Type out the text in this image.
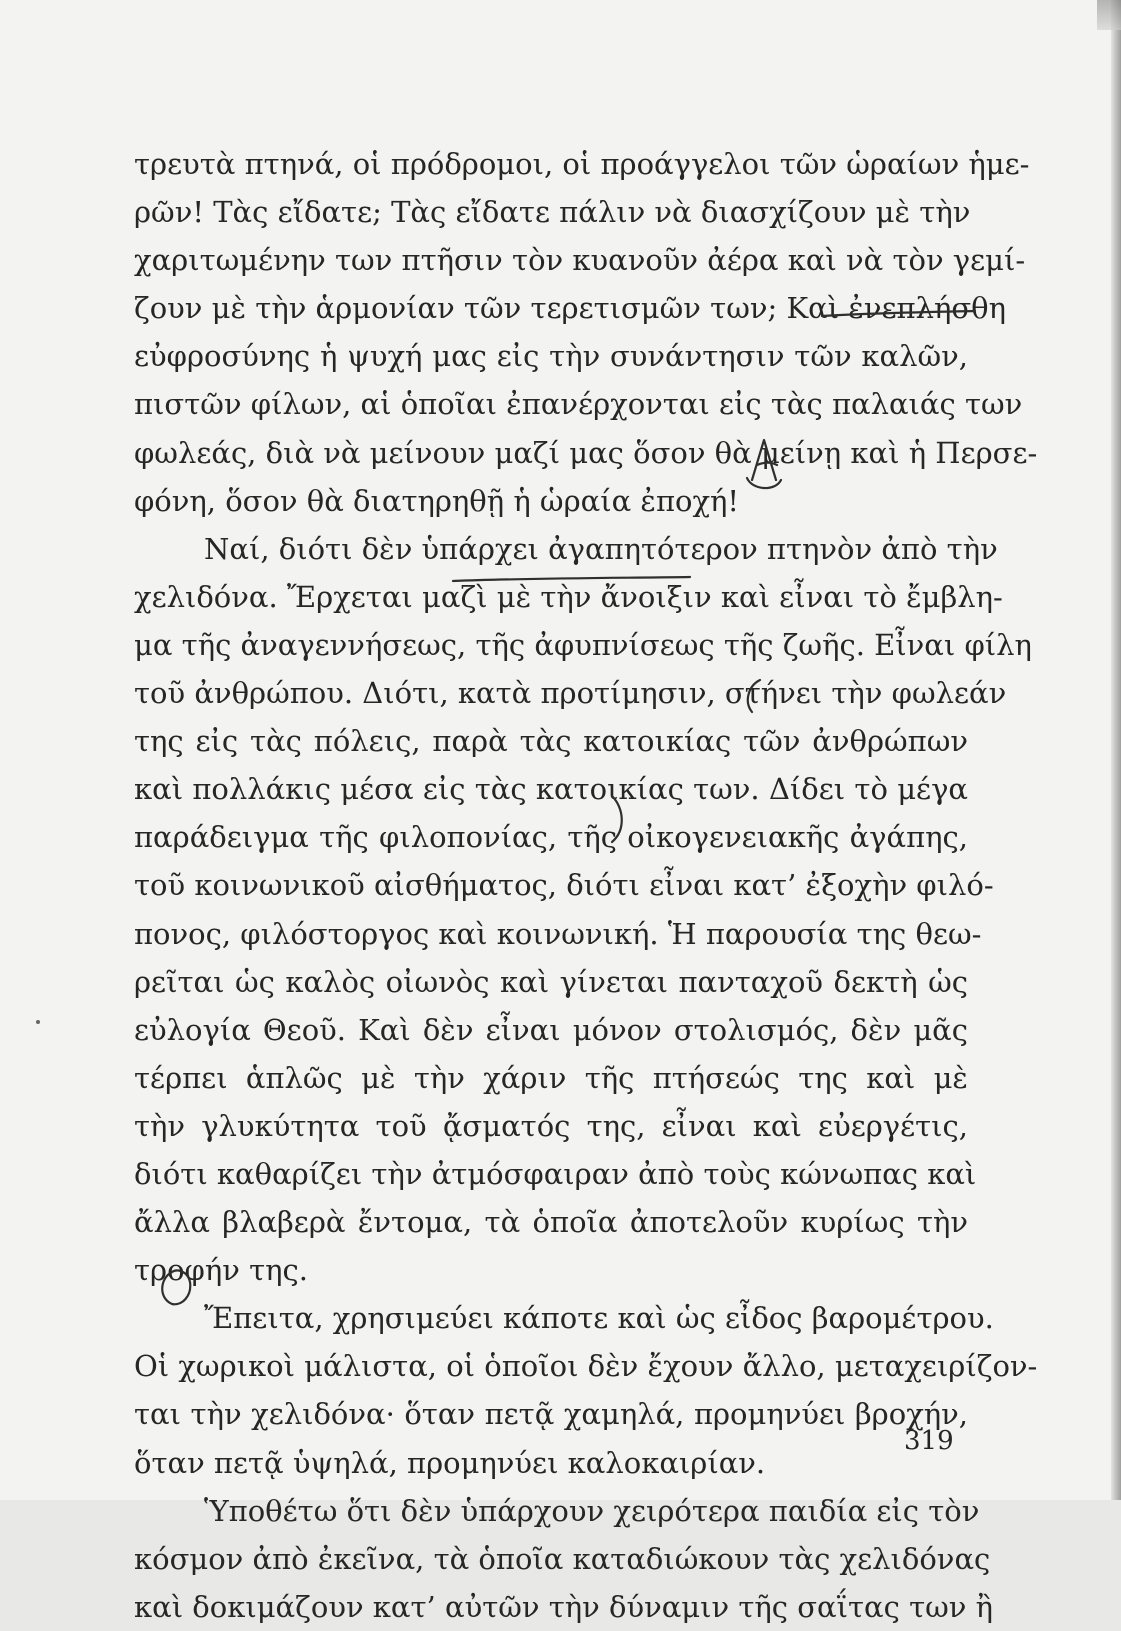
τρευτὰ πτηνά, οἱ πρόδρομοι, οἱ προάγγελοι τῶν ὡραίων ἡμε-
ρῶν! Τὰς εἴδατε; Τὰς εἴδατε πάλιν νὰ διασχίζουν μὲ τὴν
χαριτωμένην των πτῆσιν τὸν κυανοῦν ἀέρα καὶ νὰ τὸν γεμί-
ζουν μὲ τὴν ἁρμονίαν τῶν τερετισμῶν των; Καὶ ἐνεπλήσθη
εὐφροσύνης ἡ ψυχή μας εἰς τὴν συνάντησιν τῶν καλῶν,
πιστῶν φίλων, αἱ ὁποῖαι ἐπανέρχονται εἰς τὰς παλαιάς των
φωλεάς, διὰ νὰ μείνουν μαζί μας ὅσον θὰ μείνῃ καὶ ἡ Περσε-
φόνη, ὅσον θὰ διατηρηθῇ ἡ ὡραία ἐποχή!
Ναί, διότι δὲν ὑπάρχει ἀγαπητότερον πτηνὸν ἀπὸ τὴν
χελιδόνα. Ἔρχεται μαζὶ μὲ τὴν ἄνοιξιν καὶ εἶναι τὸ ἔμβλη-
μα τῆς ἀναγεννήσεως, τῆς ἀφυπνίσεως τῆς ζωῆς. Εἶναι φίλη
τοῦ ἀνθρώπου. Διότι, κατὰ προτίμησιν, στήνει τὴν φωλεάν
της εἰς τὰς πόλεις, παρὰ τὰς κατοικίας τῶν ἀνθρώπων
καὶ πολλάκις μέσα εἰς τὰς κατοικίας των. Δίδει τὸ μέγα
παράδειγμα τῆς φιλοπονίας, τῆς οἰκογενειακῆς ἀγάπης,
τοῦ κοινωνικοῦ αἰσθήματος, διότι εἶναι κατ’ ἐξοχὴν φιλό-
πονος, φιλόστοργος καὶ κοινωνική. Ἡ παρουσία της θεω-
ρεῖται ὡς καλὸς οἰωνὸς καὶ γίνεται πανταχοῦ δεκτὴ ὡς
εὐλογία Θεοῦ. Καὶ δὲν εἶναι μόνον στολισμός, δὲν μᾶς
τέρπει ἁπλῶς μὲ τὴν χάριν τῆς πτήσεώς της καὶ μὲ
τὴν γλυκύτητα τοῦ ᾄσματός της, εἶναι καὶ εὐεργέτις,
διότι καθαρίζει τὴν ἀτμόσφαιραν ἀπὸ τοὺς κώνωπας καὶ
ἄλλα βλαβερὰ ἔντομα, τὰ ὁποῖα ἀποτελοῦν κυρίως τὴν
τροφήν της.
Ἔπειτα, χρησιμεύει κάποτε καὶ ὡς εἶδος βαρομέτρου.
Οἱ χωρικοὶ μάλιστα, οἱ ὁποῖοι δὲν ἔχουν ἄλλο, μεταχειρίζον-
ται τὴν χελιδόνα· ὅταν πετᾷ χαμηλά, προμηνύει βροχήν,
ὅταν πετᾷ ὑψηλά, προμηνύει καλοκαιρίαν.
Ὑποθέτω ὅτι δὲν ὑπάρχουν χειρότερα παιδία εἰς τὸν
κόσμον ἀπὸ ἐκεῖνα, τὰ ὁποῖα καταδιώκουν τὰς χελιδόνας
καὶ δοκιμάζουν κατ’ αὐτῶν τὴν δύναμιν τῆς σαΐτας των ἢ
319
